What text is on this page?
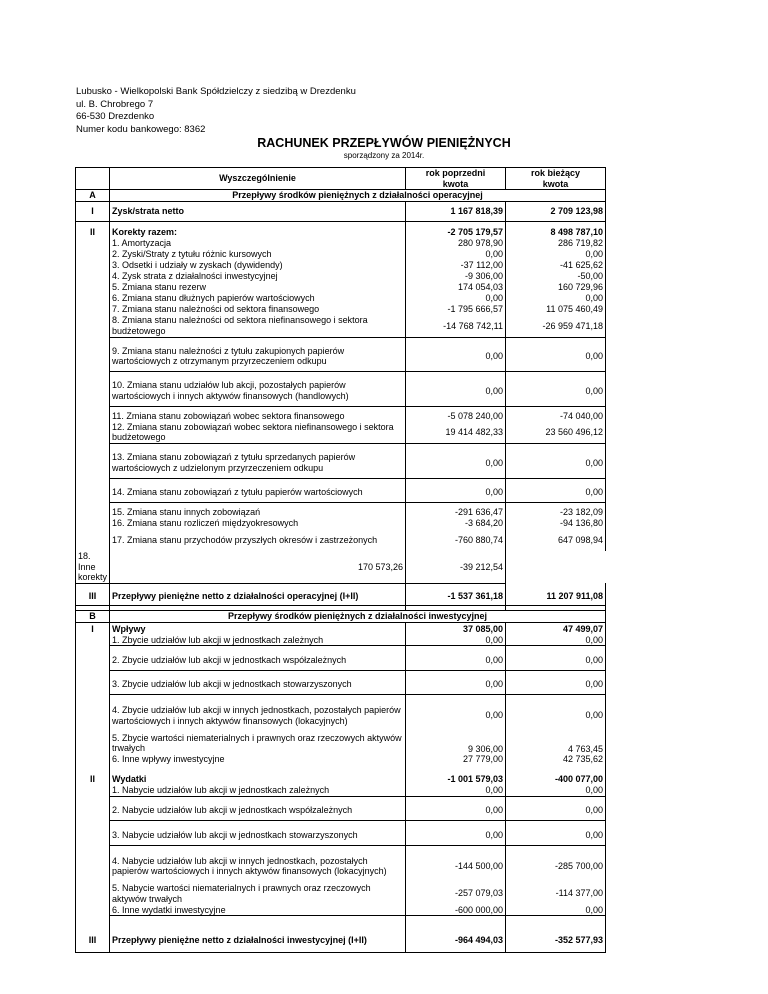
Lubusko - Wielkopolski Bank Spółdzielczy z siedzibą w Drezdenku
ul. B. Chrobrego 7
66-530 Drezdenko
Numer kodu bankowego: 8362
RACHUNEK PRZEPŁYWÓW PIENIĘŻNYCH
sporządzony za 2014r.
	Wyszczególnienie	rok poprzedni	rok bieżący
		kwota	kwota
A	Przepływy środków pieniężnych z działalności operacyjnej		
I	Zysk/strata netto	1 167 818,39	2 709 123,98

II	Korekty razem:	-2 705 179,57	8 498 787,10
	1. Amortyzacja	280 978,90	286 719,82
	2. Zyski/Straty z tytułu różnic kursowych	0,00	0,00
	3. Odsetki i udziały w zyskach (dywidendy)	-37 112,00	-41 625,62
	4. Zysk strata z działalności inwestycyjnej	-9 306,00	-50,00
	5. Zmiana stanu rezerw	174 054,03	160 729,96
	6. Zmiana stanu dłużnych papierów wartościowych	0,00	0,00
	7. Zmiana stanu należności od sektora finansowego	-1 795 666,57	11 075 460,49
	8. Zmiana stanu należności od sektora niefinansowego i sektora budżetowego	-14 768 742,11	-26 959 471,18

	9. Zmiana stanu należności z tytułu zakupionych papierów wartościowych z otrzymanym przyrzeczeniem odkupu	0,00	0,00

	10. Zmiana stanu udziałów lub akcji, pozostałych papierów wartościowych i innych aktywów finansowych (handlowych)	0,00	0,00

	11. Zmiana stanu zobowiązań wobec sektora finansowego	-5 078 240,00	-74 040,00
	12. Zmiana stanu zobowiązań wobec sektora niefinansowego i sektora budżetowego	19 414 482,33	23 560 496,12

	13. Zmiana stanu zobowiązań z tytułu sprzedanych papierów wartościowych z udzielonym przyrzeczeniem odkupu	0,00	0,00

	14. Zmiana stanu zobowiązań z tytułu papierów wartościowych	0,00	0,00

	15. Zmiana stanu innych zobowiązań	-291 636,47	-23 182,09
	16. Zmiana stanu rozliczeń międzyokresowych	-3 684,20	-94 136,80
	17. Zmiana stanu przychodów przyszłych okresów i zastrzeżonych	-760 880,74	647 098,94
18. Inne korekty	170 573,26	-39 212,54	

III	Przepływy pieniężne netto z działalności operacyjnej (I+II)	-1 537 361,18	11 207 911,08

B	Przepływy środków pieniężnych z działalności inwestycyjnej		
I	Wpływy	37 085,00	47 499,07
	1. Zbycie udziałów lub akcji w jednostkach zależnych	0,00	0,00

	2. Zbycie udziałów lub akcji w jednostkach współzależnych	0,00	0,00

	3. Zbycie udziałów lub akcji w jednostkach stowarzyszonych	0,00	0,00

	4. Zbycie udziałów lub akcji w innych jednostkach, pozostałych papierów wartościowych i innych aktywów finansowych (lokacyjnych)	0,00	0,00
	5. Zbycie wartości niematerialnych i prawnych oraz rzeczowych aktywów trwałych	9 306,00	4 763,45
	6. Inne wpływy inwestycyjne	27 779,00	42 735,62

II	Wydatki	-1 001 579,03	-400 077,00
	1. Nabycie udziałów lub akcji w jednostkach zależnych	0,00	0,00

	2. Nabycie udziałów lub akcji w jednostkach współzależnych	0,00	0,00

	3. Nabycie udziałów lub akcji w jednostkach stowarzyszonych	0,00	0,00

	4. Nabycie udziałów lub akcji w innych jednostkach, pozostałych papierów wartościowych i innych aktywów finansowych (lokacyjnych)	-144 500,00	-285 700,00
	5. Nabycie wartości niematerialnych i prawnych oraz rzeczowych aktywów trwałych	-257 079,03	-114 377,00
	6. Inne wydatki inwestycyjne	-600 000,00	0,00

III	Przepływy pieniężne netto z działalności inwestycyjnej (I+II)	-964 494,03	-352 577,93
